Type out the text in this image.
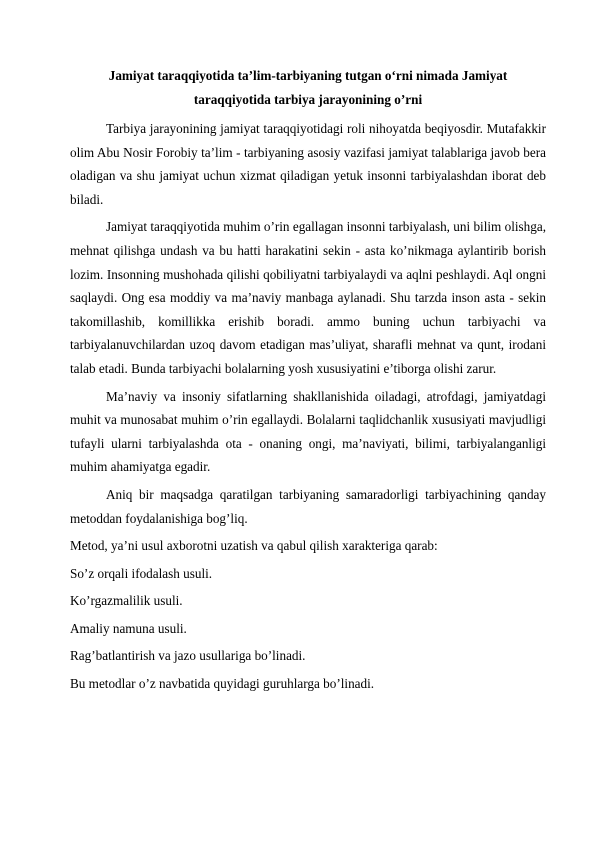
Jamiyat taraqqiyotida ta’lim-tarbiyaning tutgan o‘rni nimada Jamiyat taraqqiyotida tarbiya jarayonining o’rni

Tarbiya jarayonining jamiyat taraqqiyotidagi roli nihoyatda beqiyosdir. Mutafakkir olim Abu Nosir Forobiy ta’lim - tarbiyaning asosiy vazifasi jamiyat talablariga javob bera oladigan va shu jamiyat uchun xizmat qiladigan yetuk insonni tarbiyalashdan iborat deb biladi.

Jamiyat taraqqiyotida muhim o’rin egallagan insonni tarbiyalash, uni bilim olishga, mehnat qilishga undash va bu hatti harakatini sekin - asta ko’nikmaga aylantirib borish lozim. Insonning mushohada qilishi qobiliyatni tarbiyalaydi va aqlni peshlaydi. Aql ongni saqlaydi. Ong esa moddiy va ma’naviy manbaga aylanadi. Shu tarzda inson asta - sekin takomillashib, komillikka erishib boradi. ammo buning uchun tarbiyachi va tarbiyalanuvchilardan uzoq davom etadigan mas’uliyat, sharafli mehnat va qunt, irodani talab etadi. Bunda tarbiyachi bolalarning yosh xususiyatini e’tiborga olishi zarur.

Ma’naviy va insoniy sifatlarning shakllanishida oiladagi, atrofdagi, jamiyatdagi muhit va munosabat muhim o’rin egallaydi. Bolalarni taqlidchanlik xususiyati mavjudligi tufayli ularni tarbiyalashda ota - onaning ongi, ma’naviyati, bilimi, tarbiyalanganligi muhim ahamiyatga egadir.

Aniq bir maqsadga qaratilgan tarbiyaning samaradorligi tarbiyachining qanday metoddan foydalanishiga bog’liq.

Metod, ya’ni usul axborotni uzatish va qabul qilish xarakteriga qarab:

So’z orqali ifodalash usuli.

Ko’rgazmalilik usuli.

Amaliy namuna usuli.

Rag’batlantirish va jazo usullariga bo’linadi.

Bu metodlar o’z navbatida quyidagi guruhlarga bo’linadi.
